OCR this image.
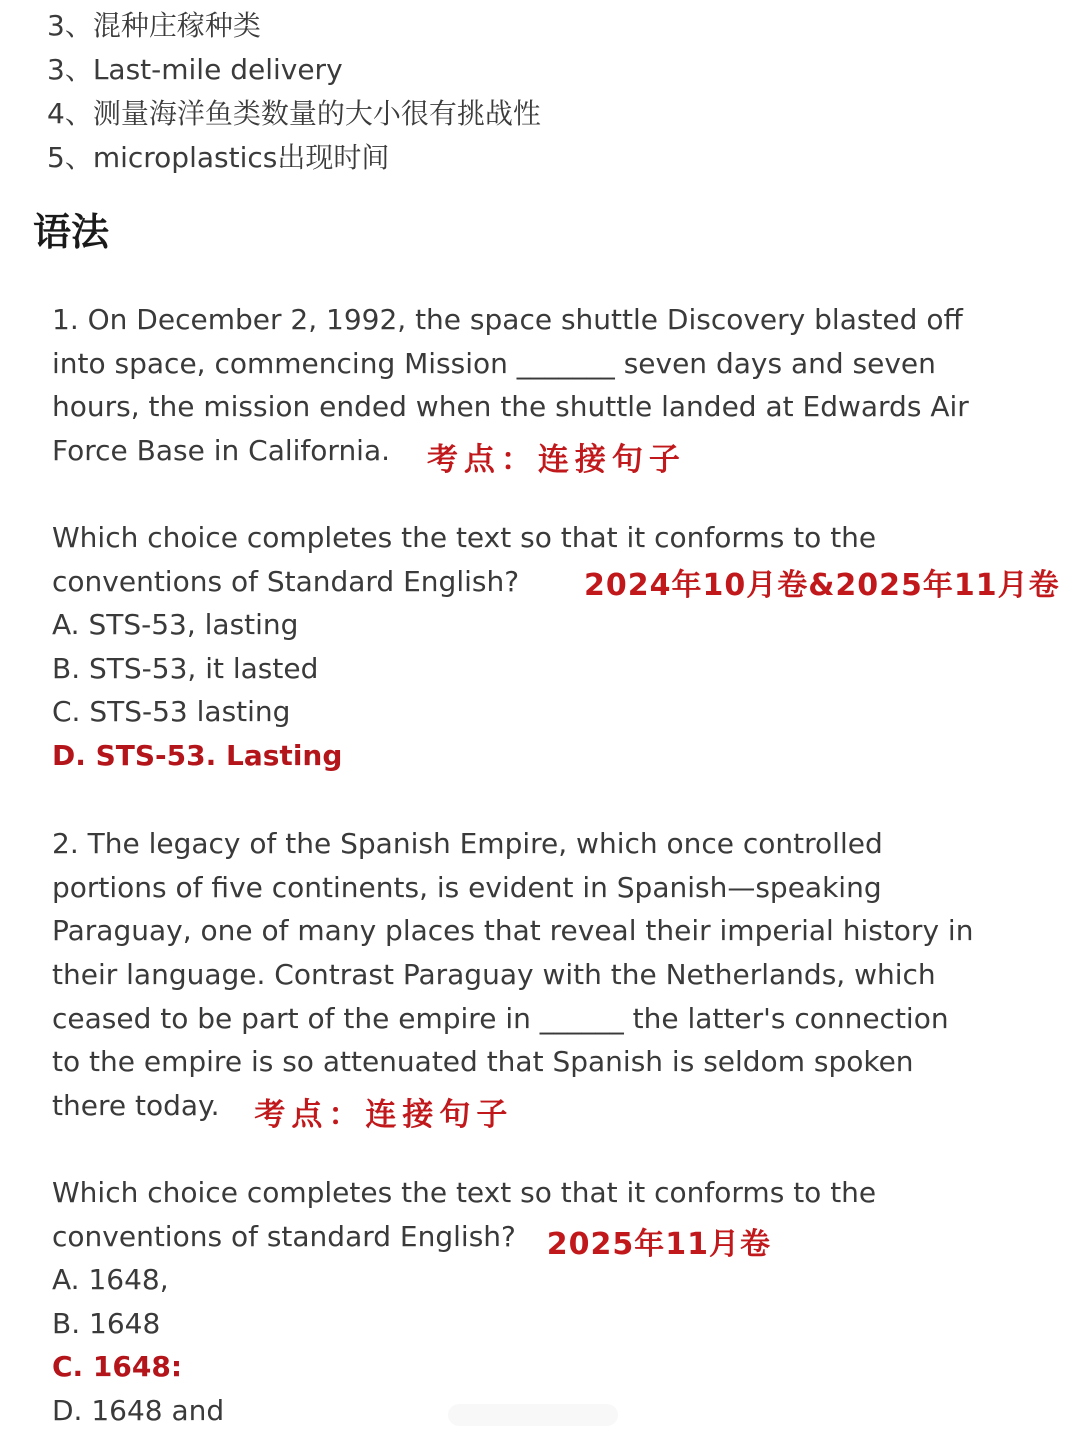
3、混种庄稼种类
3、Last-mile delivery
4、测量海洋鱼类数量的大小很有挑战性
5、microplastics出现时间
语法
1. On December 2, 1992, the space shuttle Discovery blasted off
into space, commencing Mission _______ seven days and seven
hours, the mission ended when the shuttle landed at Edwards Air
Force Base in California. 考点：连接句子
Which choice completes the text so that it conforms to the
conventions of Standard English? 2024年10月卷&2025年11月卷
A. STS-53, lasting
B. STS-53, it lasted
C. STS-53 lasting
D. STS-53. Lasting
2. The legacy of the Spanish Empire, which once controlled
portions of five continents, is evident in Spanish—speaking
Paraguay, one of many places that reveal their imperial history in
their language. Contrast Paraguay with the Netherlands, which
ceased to be part of the empire in ______ the latter's connection
to the empire is so attenuated that Spanish is seldom spoken
there today. 考点：连接句子
Which choice completes the text so that it conforms to the
conventions of standard English? 2025年11月卷
A. 1648,
B. 1648
C. 1648:
D. 1648 and
